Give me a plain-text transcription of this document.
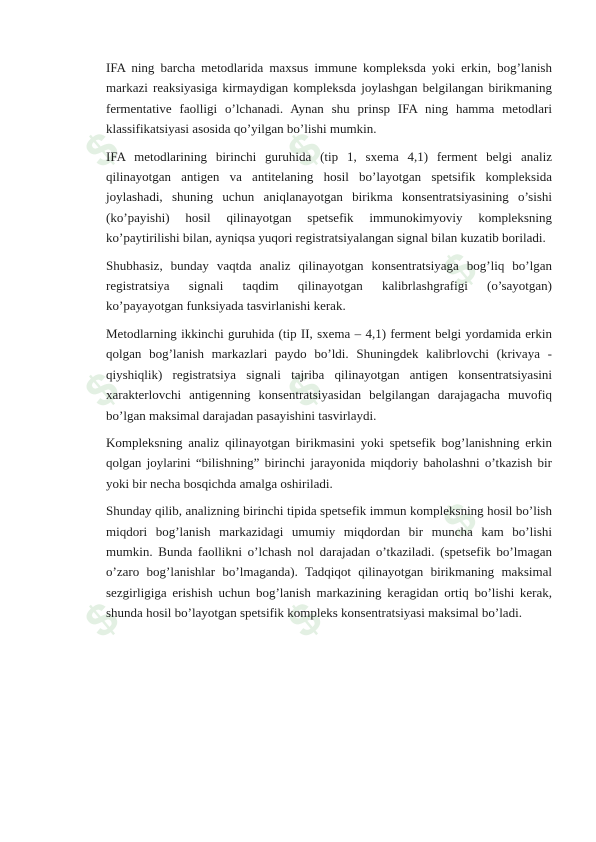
$	$
$	$
$	$
$
$

IFA ning barcha metodlarida maxsus immune kompleksda yoki erkin, bog’lanish markazi reaksiyasiga kirmaydigan kompleksda joylashgan belgilangan birikmaning fermentative faolligi o’lchanadi. Aynan shu prinsp IFA ning hamma metodlari klassifikatsiyasi asosida qo’yilgan bo’lishi mumkin.

IFA metodlarining birinchi guruhida (tip 1, sxema 4,1) ferment belgi analiz qilinayotgan antigen va antitelaning hosil bo’layotgan spetsifik kompleksida joylashadi, shuning uchun aniqlanayotgan birikma konsentratsiyasining o’sishi (ko’payishi) hosil qilinayotgan spetsefik immunokimyoviy kompleksning ko’paytirilishi bilan, ayniqsa yuqori registratsiyalangan signal bilan kuzatib boriladi.

Shubhasiz, bunday vaqtda analiz qilinayotgan konsentratsiyaga bog’liq bo’lgan registratsiya signali taqdim qilinayotgan kalibrlashgrafigi (o’sayotgan) ko’payayotgan funksiyada tasvirlanishi kerak.

Metodlarning ikkinchi guruhida (tip II, sxema – 4,1) ferment belgi yordamida erkin qolgan bog’lanish markazlari paydo bo’ldi. Shuningdek kalibrlovchi (krivaya - qiyshiqlik) registratsiya signali tajriba qilinayotgan antigen konsentratsiyasini xarakterlovchi antigenning konsentratsiyasidan belgilangan darajagacha muvofiq bo’lgan maksimal darajadan pasayishini tasvirlaydi.

Kompleksning analiz qilinayotgan birikmasini yoki spetsefik bog’lanishning erkin qolgan joylarini “bilishning” birinchi jarayonida miqdoriy baholashni o’tkazish bir yoki bir necha bosqichda amalga oshiriladi.

Shunday qilib, analizning birinchi tipida spetsefik immun kompleksning hosil bo’lish miqdori bog’lanish markazidagi umumiy miqdordan bir muncha kam bo’lishi mumkin. Bunda faollikni o’lchash nol darajadan o’tkaziladi. (spetsefik bo’lmagan o’zaro bog’lanishlar bo’lmaganda). Tadqiqot qilinayotgan birikmaning maksimal sezgirligiga erishish uchun bog’lanish markazining keragidan ortiq bo’lishi kerak, shunda hosil bo’layotgan spetsifik kompleks konsentratsiyasi maksimal bo’ladi.
